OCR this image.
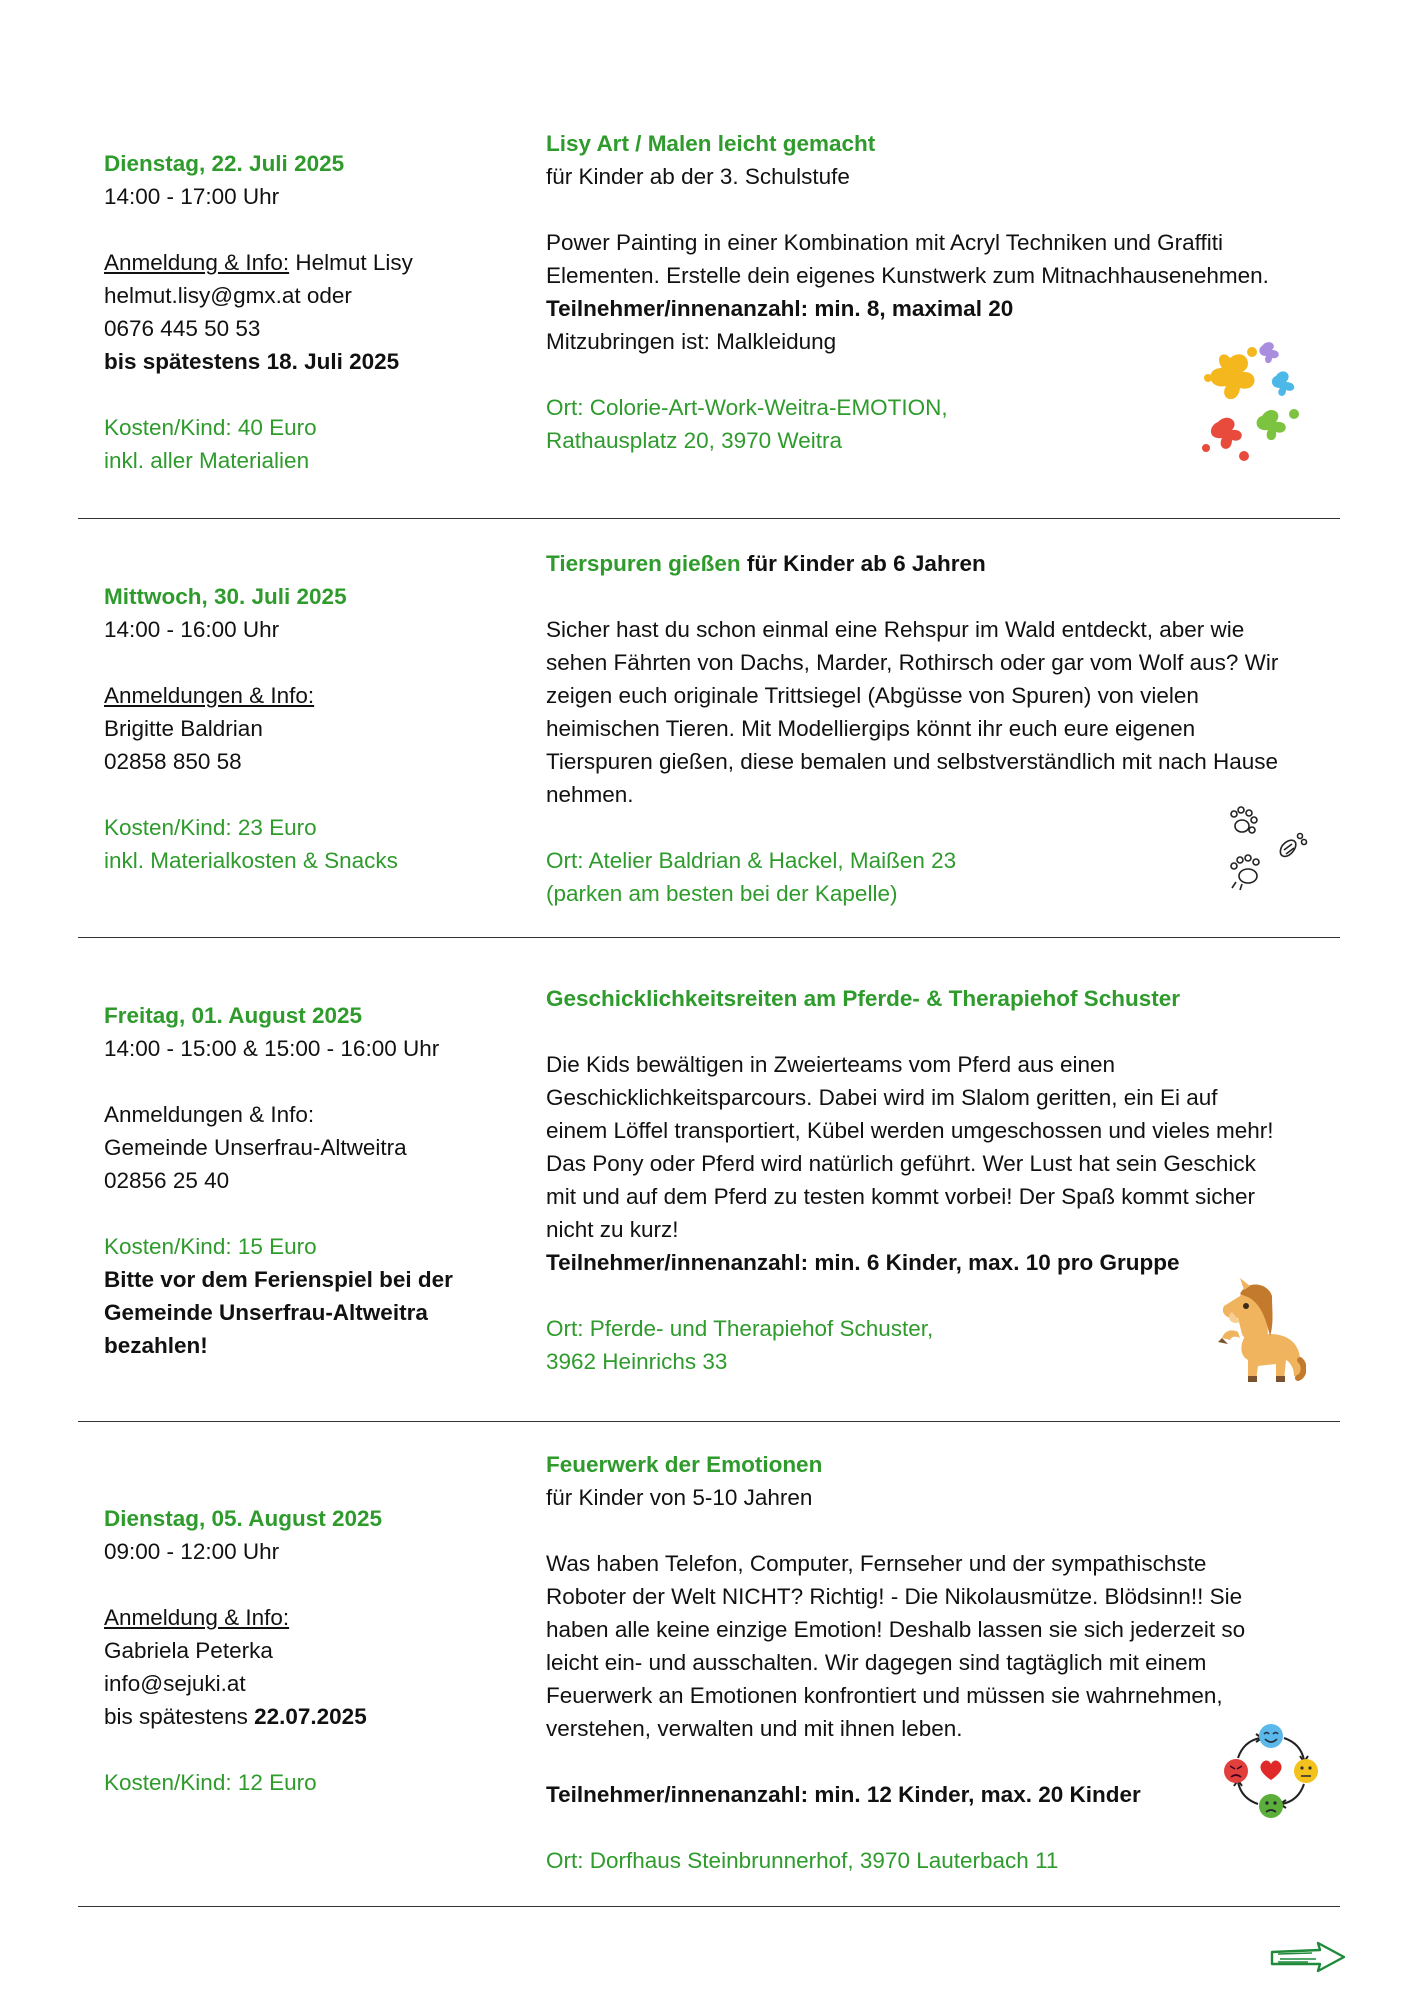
Dienstag, 22. Juli 2025

14:00 - 17:00 Uhr

Anmeldung & Info: Helmut Lisy

helmut.lisy@gmx.at oder

0676 445 50 53

bis spätestens 18. Juli 2025

Kosten/Kind: 40 Euro

inkl. aller Materialien

Lisy Art / Malen leicht gemacht

für Kinder ab der 3. Schulstufe

Power Painting in einer Kombination mit Acryl Techniken und Graffiti

Elementen. Erstelle dein eigenes Kunstwerk zum Mitnachhausenehmen.

Teilnehmer/innenanzahl: min. 8, maximal 20

Mitzubringen ist: Malkleidung

Ort: Colorie-Art-Work-Weitra-EMOTION,

Rathausplatz 20, 3970 Weitra

Mittwoch, 30. Juli 2025

14:00 - 16:00 Uhr

Anmeldungen & Info:

Brigitte Baldrian

02858 850 58

Kosten/Kind: 23 Euro

inkl. Materialkosten & Snacks

Tierspuren gießen für Kinder ab 6 Jahren

Sicher hast du schon einmal eine Rehspur im Wald entdeckt, aber wie

sehen Fährten von Dachs, Marder, Rothirsch oder gar vom Wolf aus? Wir

zeigen euch originale Trittsiegel (Abgüsse von Spuren) von vielen

heimischen Tieren. Mit Modelliergips könnt ihr euch eure eigenen

Tierspuren gießen, diese bemalen und selbstverständlich mit nach Hause

nehmen.

Ort: Atelier Baldrian & Hackel, Maißen 23

(parken am besten bei der Kapelle)

Freitag, 01. August 2025

14:00 - 15:00 & 15:00 - 16:00 Uhr

Anmeldungen & Info:

Gemeinde Unserfrau-Altweitra

02856 25 40

Kosten/Kind: 15 Euro

Bitte vor dem Ferienspiel bei der

Gemeinde Unserfrau-Altweitra

bezahlen!

Geschicklichkeitsreiten am Pferde- & Therapiehof Schuster

Die Kids bewältigen in Zweierteams vom Pferd aus einen

Geschicklichkeitsparcours. Dabei wird im Slalom geritten, ein Ei auf

einem Löffel transportiert, Kübel werden umgeschossen und vieles mehr!

Das Pony oder Pferd wird natürlich geführt. Wer Lust hat sein Geschick

mit und auf dem Pferd zu testen kommt vorbei! Der Spaß kommt sicher

nicht zu kurz!

Teilnehmer/innenanzahl: min. 6 Kinder, max. 10 pro Gruppe

Ort: Pferde- und Therapiehof Schuster,

3962 Heinrichs 33

Dienstag, 05. August 2025

09:00 - 12:00 Uhr

Anmeldung & Info:

Gabriela Peterka

info@sejuki.at

bis spätestens 22.07.2025

Kosten/Kind: 12 Euro

Feuerwerk der Emotionen

für Kinder von 5-10 Jahren

Was haben Telefon, Computer, Fernseher und der sympathischste

Roboter der Welt NICHT? Richtig! - Die Nikolausmütze. Blödsinn!! Sie

haben alle keine einzige Emotion! Deshalb lassen sie sich jederzeit so

leicht ein- und ausschalten. Wir dagegen sind tagtäglich mit einem

Feuerwerk an Emotionen konfrontiert und müssen sie wahrnehmen,

verstehen, verwalten und mit ihnen leben.

Teilnehmer/innenanzahl: min. 12 Kinder, max. 20 Kinder

Ort: Dorfhaus Steinbrunnerhof, 3970 Lauterbach 11
